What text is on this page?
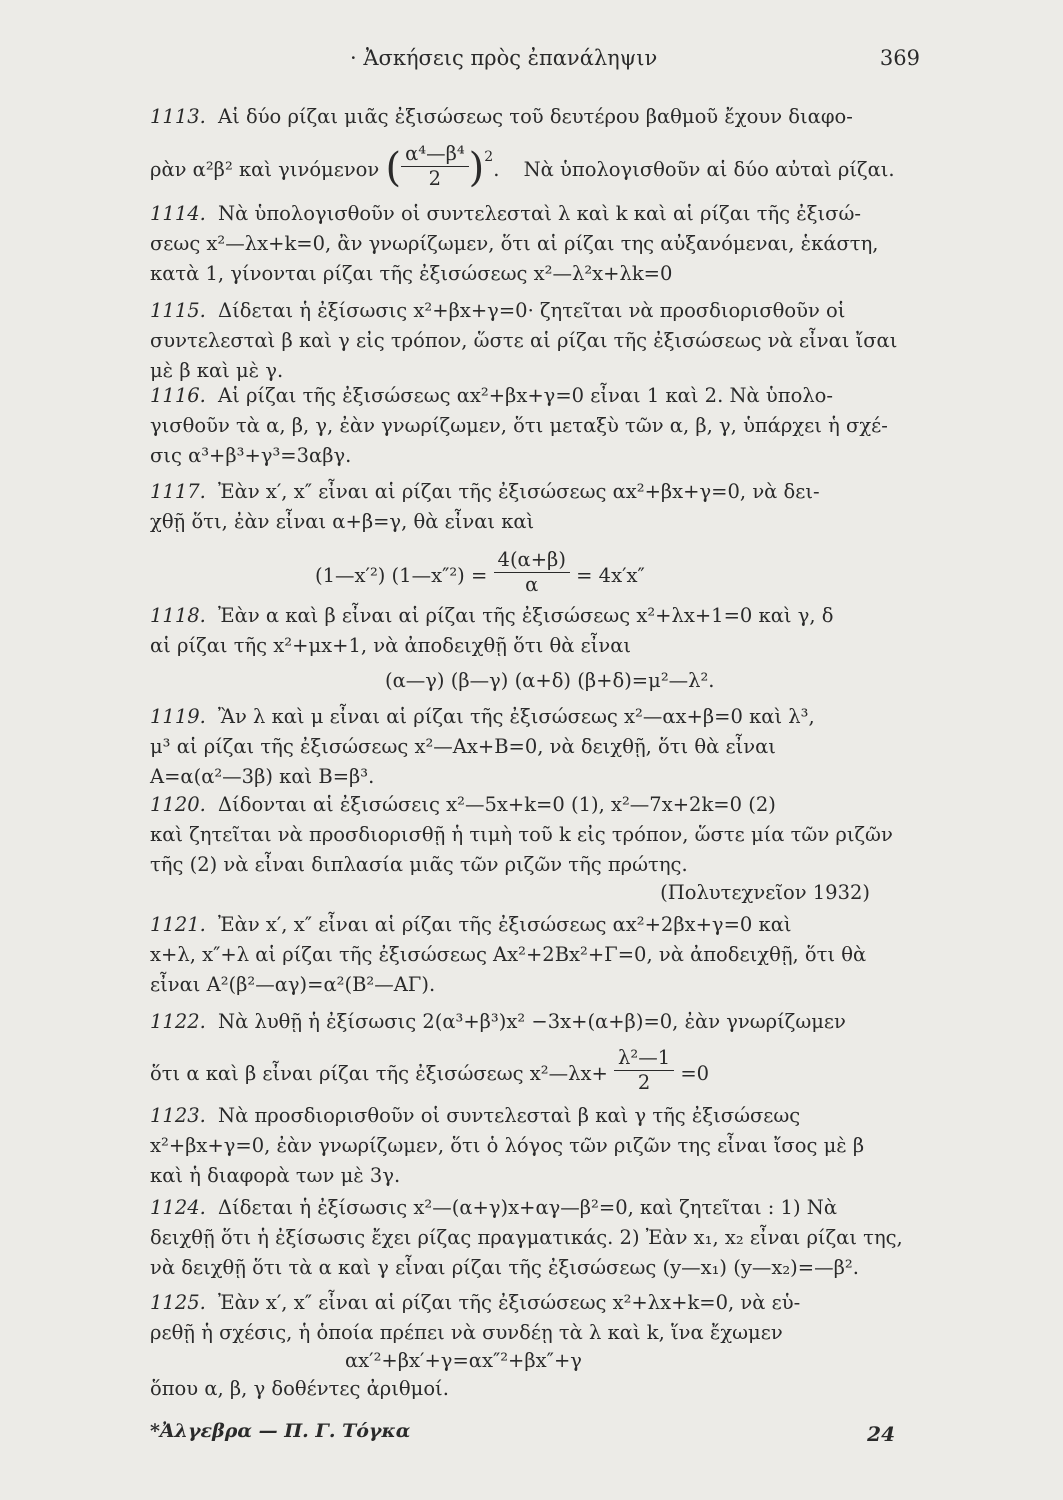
· Ἀσκήσεις πρὸς ἐπανάληψιν	369
1113. Αἱ δύο ρίζαι μιᾶς ἐξισώσεως τοῦ δευτέρου βαθμοῦ ἔχουν διαφο-
ρὰν α²β² καὶ γινόμενον ( $\frac{\text{α⁴—β⁴}}{2} )^2$. Νὰ ὑπολογισθοῦν αἱ δύο αὐταὶ ρίζαι.
1114. Νὰ ὑπολογισθοῦν οἱ συντελεσταὶ λ καὶ k καὶ αἱ ρίζαι τῆς ἐξισώ-
σεως x²—λx+k=0, ἂν γνωρίζωμεν, ὅτι αἱ ρίζαι της αὐξανόμεναι, ἑκάστη,
κατὰ 1, γίνονται ρίζαι τῆς ἐξισώσεως x²—λ²x+λk=0
1115. Δίδεται ἡ ἐξίσωσις x²+βx+γ=0· ζητεῖται νὰ προσδιορισθοῦν οἱ
συντελεσταὶ β καὶ γ εἰς τρόπον, ὥστε αἱ ρίζαι τῆς ἐξισώσεως νὰ εἶναι ἴσαι
μὲ β καὶ μὲ γ.
1116. Αἱ ρίζαι τῆς ἐξισώσεως αx²+βx+γ=0 εἶναι 1 καὶ 2. Νὰ ὑπολο-
γισθοῦν τὰ α, β, γ, ἐὰν γνωρίζωμεν, ὅτι μεταξὺ τῶν α, β, γ, ὑπάρχει ἡ σχέ-
σις α³+β³+γ³=3αβγ.
1117. Ἐὰν x′, x″ εἶναι αἱ ρίζαι τῆς ἐξισώσεως αx²+βx+γ=0, νὰ δει-
χθῇ ὅτι, ἐὰν εἶναι α+β=γ, θὰ εἶναι καὶ
(1—x′²) (1—x″²) = $\frac{4(\alpha+\beta)}{\alpha} = 4x'x''$
1118. Ἐὰν α καὶ β εἶναι αἱ ρίζαι τῆς ἐξισώσεως x²+λx+1=0 καὶ γ, δ
αἱ ρίζαι τῆς x²+μx+1, νὰ ἀποδειχθῇ ὅτι θὰ εἶναι
(α—γ) (β—γ) (α+δ) (β+δ)=μ²—λ².
1119. Ἂν λ καὶ μ εἶναι αἱ ρίζαι τῆς ἐξισώσεως x²—αx+β=0 καὶ λ³,
μ³ αἱ ρίζαι τῆς ἐξισώσεως x²—Ax+B=0, νὰ δειχθῇ, ὅτι θὰ εἶναι
A=α(α²—3β) καὶ B=β³.
1120. Δίδονται αἱ ἐξισώσεις x²—5x+k=0 (1), x²—7x+2k=0 (2)
καὶ ζητεῖται νὰ προσδιορισθῇ ἡ τιμὴ τοῦ k εἰς τρόπον, ὥστε μία τῶν ριζῶν
τῆς (2) νὰ εἶναι διπλασία μιᾶς τῶν ριζῶν τῆς πρώτης.
(Πολυτεχνεῖον 1932)
1121. Ἐὰν x′, x″ εἶναι αἱ ρίζαι τῆς ἐξισώσεως αx²+2βx+γ=0 καὶ
x+λ, x″+λ αἱ ρίζαι τῆς ἐξισώσεως Ax²+2Bx²+Γ=0, νὰ ἀποδειχθῇ, ὅτι θὰ
εἶναι A²(β²—αγ)=α²(B²—AΓ).
1122. Νὰ λυθῇ ἡ ἐξίσωσις 2(α³+β³)x² −3x+(α+β)=0, ἐὰν γνωρίζωμεν
ὅτι α καὶ β εἶναι ρίζαι τῆς ἐξισώσεως x²—λx+ $\frac{\text{λ²—1}}{2} =0$
1123. Νὰ προσδιορισθοῦν οἱ συντελεσταὶ β καὶ γ τῆς ἐξισώσεως
x²+βx+γ=0, ἐὰν γνωρίζωμεν, ὅτι ὁ λόγος τῶν ριζῶν της εἶναι ἴσος μὲ β
καὶ ἡ διαφορὰ των μὲ 3γ.
1124. Δίδεται ἡ ἐξίσωσις x²—(α+γ)x+αγ—β²=0, καὶ ζητεῖται : 1) Νὰ
δειχθῇ ὅτι ἡ ἐξίσωσις ἔχει ρίζας πραγματικάς. 2) Ἐὰν x₁, x₂ εἶναι ρίζαι της,
νὰ δειχθῇ ὅτι τὰ α καὶ γ εἶναι ρίζαι τῆς ἐξισώσεως (y—x₁) (y—x₂)=—β².
1125. Ἐὰν x′, x″ εἶναι αἱ ρίζαι τῆς ἐξισώσεως x²+λx+k=0, νὰ εὑ-
ρεθῇ ἡ σχέσις, ἡ ὁποία πρέπει νὰ συνδέῃ τὰ λ καὶ k, ἵνα ἔχωμεν
αx′²+βx′+γ=αx″²+βx″+γ
ὅπου α, β, γ δοθέντες ἀριθμοί.
*Ἀλγεβρα — Π. Γ. Τόγκα	24
